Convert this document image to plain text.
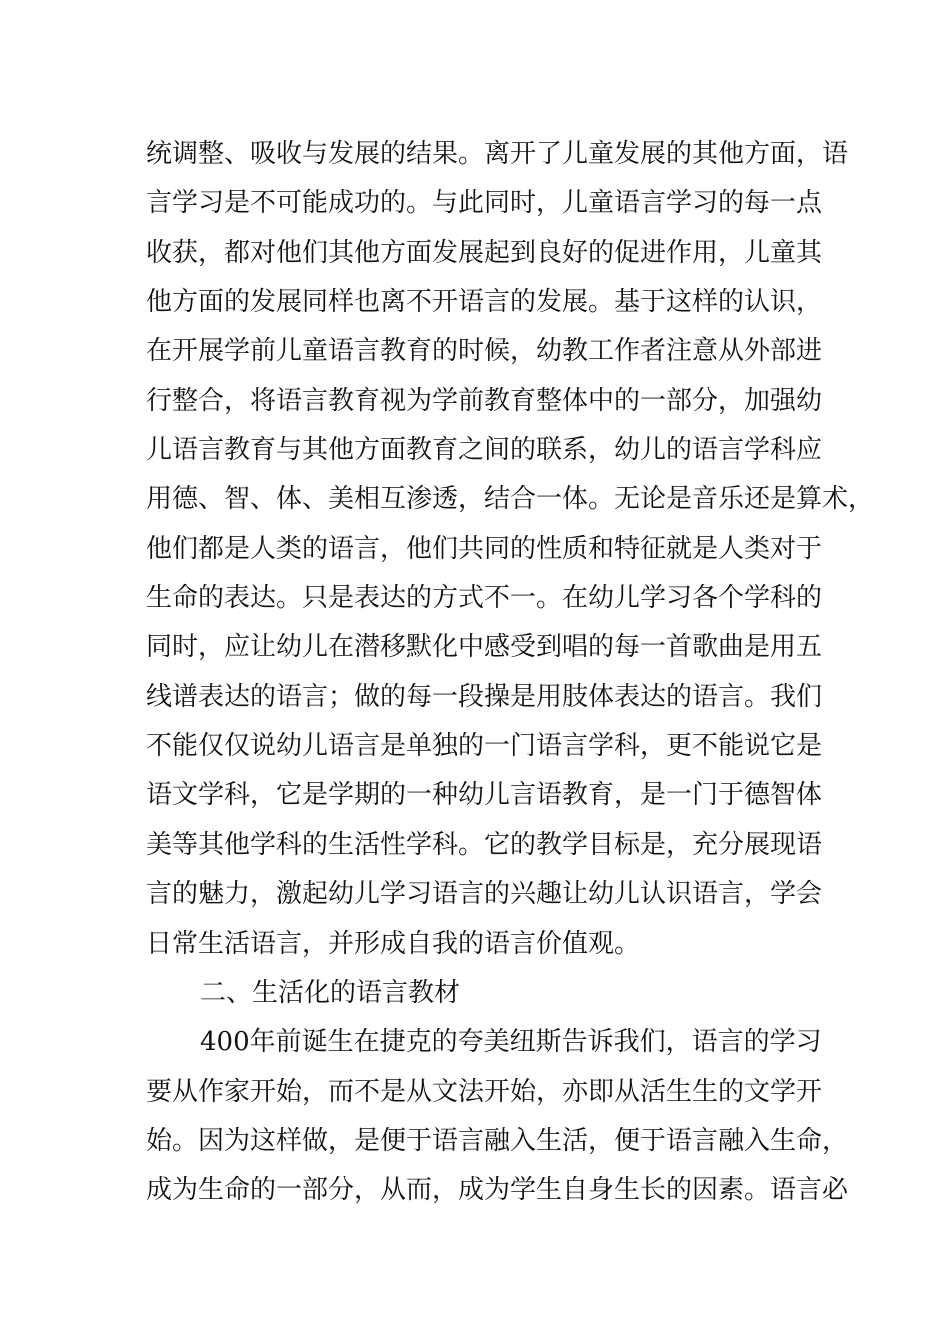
统调整、吸收与发展的结果。离开了儿童发展的其他方面，语
言学习是不可能成功的。与此同时，儿童语言学习的每一点
收获，都对他们其他方面发展起到良好的促进作用，儿童其
他方面的发展同样也离不开语言的发展。基于这样的认识，
在开展学前儿童语言教育的时候，幼教工作者注意从外部进
行整合，将语言教育视为学前教育整体中的一部分，加强幼
儿语言教育与其他方面教育之间的联系，幼儿的语言学科应
用德、智、体、美相互渗透，结合一体。无论是音乐还是算术，
他们都是人类的语言，他们共同的性质和特征就是人类对于
生命的表达。只是表达的方式不一。在幼儿学习各个学科的
同时，应让幼儿在潜移默化中感受到唱的每一首歌曲是用五
线谱表达的语言；做的每一段操是用肢体表达的语言。我们
不能仅仅说幼儿语言是单独的一门语言学科，更不能说它是
语文学科，它是学期的一种幼儿言语教育，是一门于德智体
美等其他学科的生活性学科。它的教学目标是，充分展现语
言的魅力，激起幼儿学习语言的兴趣让幼儿认识语言，学会
日常生活语言，并形成自我的语言价值观。
二、生活化的语言教材
400年前诞生在捷克的夸美纽斯告诉我们，语言的学习
要从作家开始，而不是从文法开始，亦即从活生生的文学开
始。因为这样做，是便于语言融入生活，便于语言融入生命，
成为生命的一部分，从而，成为学生自身生长的因素。语言必
